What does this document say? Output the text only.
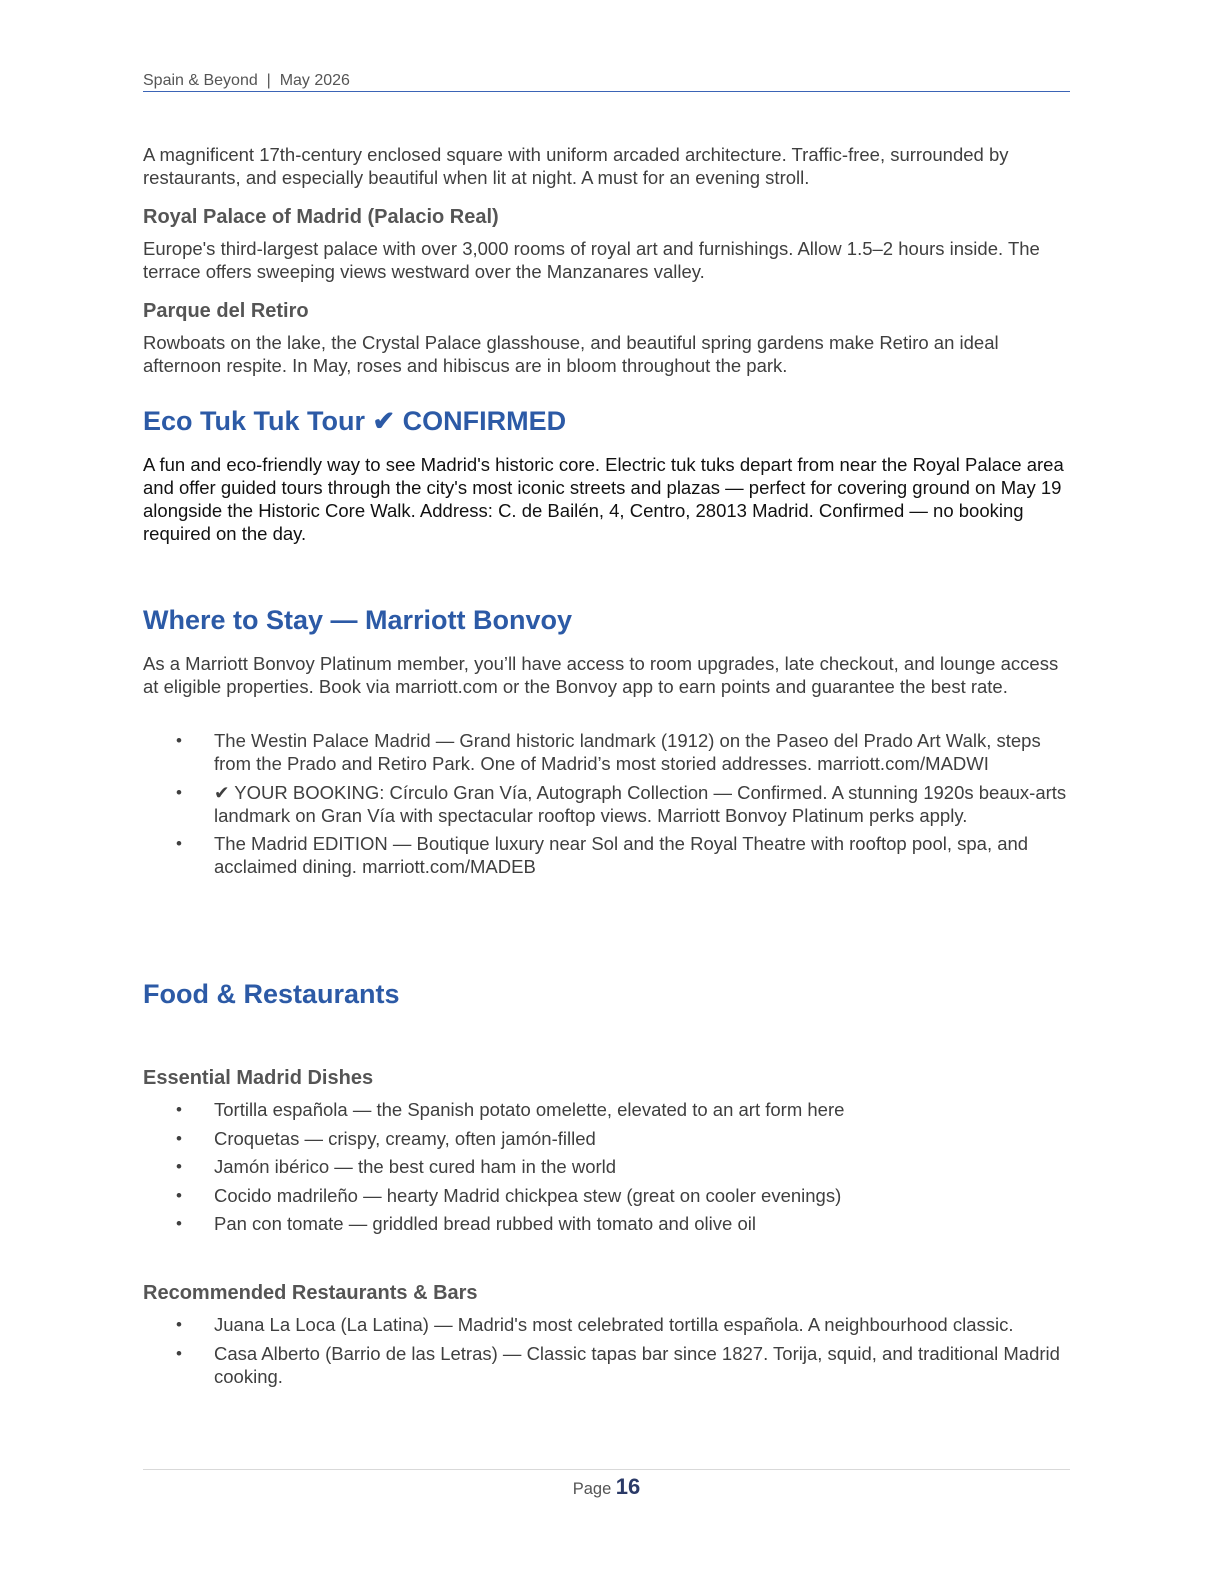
Spain & Beyond  |  May 2026

A magnificent 17th-century enclosed square with uniform arcaded architecture. Traffic-free, surrounded by restaurants, and especially beautiful when lit at night. A must for an evening stroll.

Royal Palace of Madrid (Palacio Real)

Europe's third-largest palace with over 3,000 rooms of royal art and furnishings. Allow 1.5–2 hours inside. The terrace offers sweeping views westward over the Manzanares valley.

Parque del Retiro

Rowboats on the lake, the Crystal Palace glasshouse, and beautiful spring gardens make Retiro an ideal afternoon respite. In May, roses and hibiscus are in bloom throughout the park.

Eco Tuk Tuk Tour ✔ CONFIRMED

A fun and eco-friendly way to see Madrid's historic core. Electric tuk tuks depart from near the Royal Palace area and offer guided tours through the city's most iconic streets and plazas — perfect for covering ground on May 19 alongside the Historic Core Walk. Address: C. de Bailén, 4, Centro, 28013 Madrid. Confirmed — no booking required on the day.

Where to Stay — Marriott Bonvoy

As a Marriott Bonvoy Platinum member, you’ll have access to room upgrades, late checkout, and lounge access at eligible properties. Book via marriott.com or the Bonvoy app to earn points and guarantee the best rate.

• The Westin Palace Madrid — Grand historic landmark (1912) on the Paseo del Prado Art Walk, steps from the Prado and Retiro Park. One of Madrid’s most storied addresses. marriott.com/MADWI
• ✔ YOUR BOOKING: Círculo Gran Vía, Autograph Collection — Confirmed. A stunning 1920s beaux-arts landmark on Gran Vía with spectacular rooftop views. Marriott Bonvoy Platinum perks apply.
• The Madrid EDITION — Boutique luxury near Sol and the Royal Theatre with rooftop pool, spa, and acclaimed dining. marriott.com/MADEB
Food & Restaurants
Essential Madrid Dishes
• Tortilla española — the Spanish potato omelette, elevated to an art form here
• Croquetas — crispy, creamy, often jamón-filled
• Jamón ibérico — the best cured ham in the world
• Cocido madrileño — hearty Madrid chickpea stew (great on cooler evenings)
• Pan con tomate — griddled bread rubbed with tomato and olive oil
Recommended Restaurants & Bars
• Juana La Loca (La Latina) — Madrid's most celebrated tortilla española. A neighbourhood classic.
• Casa Alberto (Barrio de las Letras) — Classic tapas bar since 1827. Torija, squid, and traditional Madrid cooking.
Page 16
